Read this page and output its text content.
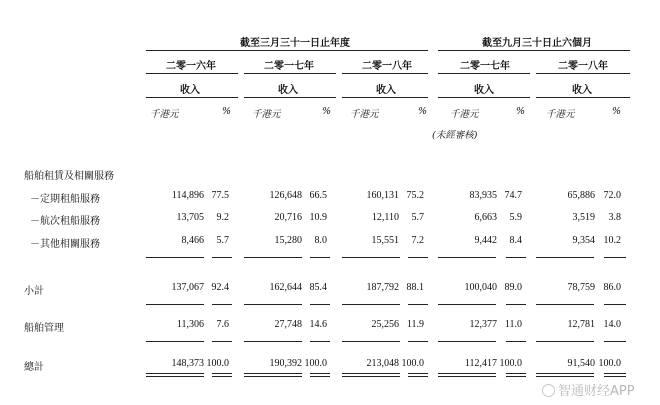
截至三月三十一日止年度	截至九月三十日止六個月
二零一六年	二零一七年	二零一八年	二零一七年	二零一八年
收入	收入	收入	收入	收入
千港元	% 千港元	% 千港元	% 千港元	% 千港元	%
(未經審核)
船舶租賃及相關服務
－定期租船服務	114,896 77.5	126,648 66.5	160,131 75.2	83,935 74.7	65,886 72.0
－航次租船服務	13,705	9.2	20,716 10.9	12,110	5.7	6,663	5.9	3,519	3.8
－其他相關服務	8,466	5.7	15,280	8.0	15,551	7.2	9,442	8.4	9,354 10.2
小計	137,067 92.4	162,644 85.4	187,792 88.1	100,040 89.0	78,759 86.0
船舶管理	11,306	7.6	27,748 14.6	25,256 11.9	12,377 11.0	12,781 14.0
總計	148,373 100.0	190,392 100.0	213,048 100.0	112,417 100.0	91,540 100.0
智通财经APP
